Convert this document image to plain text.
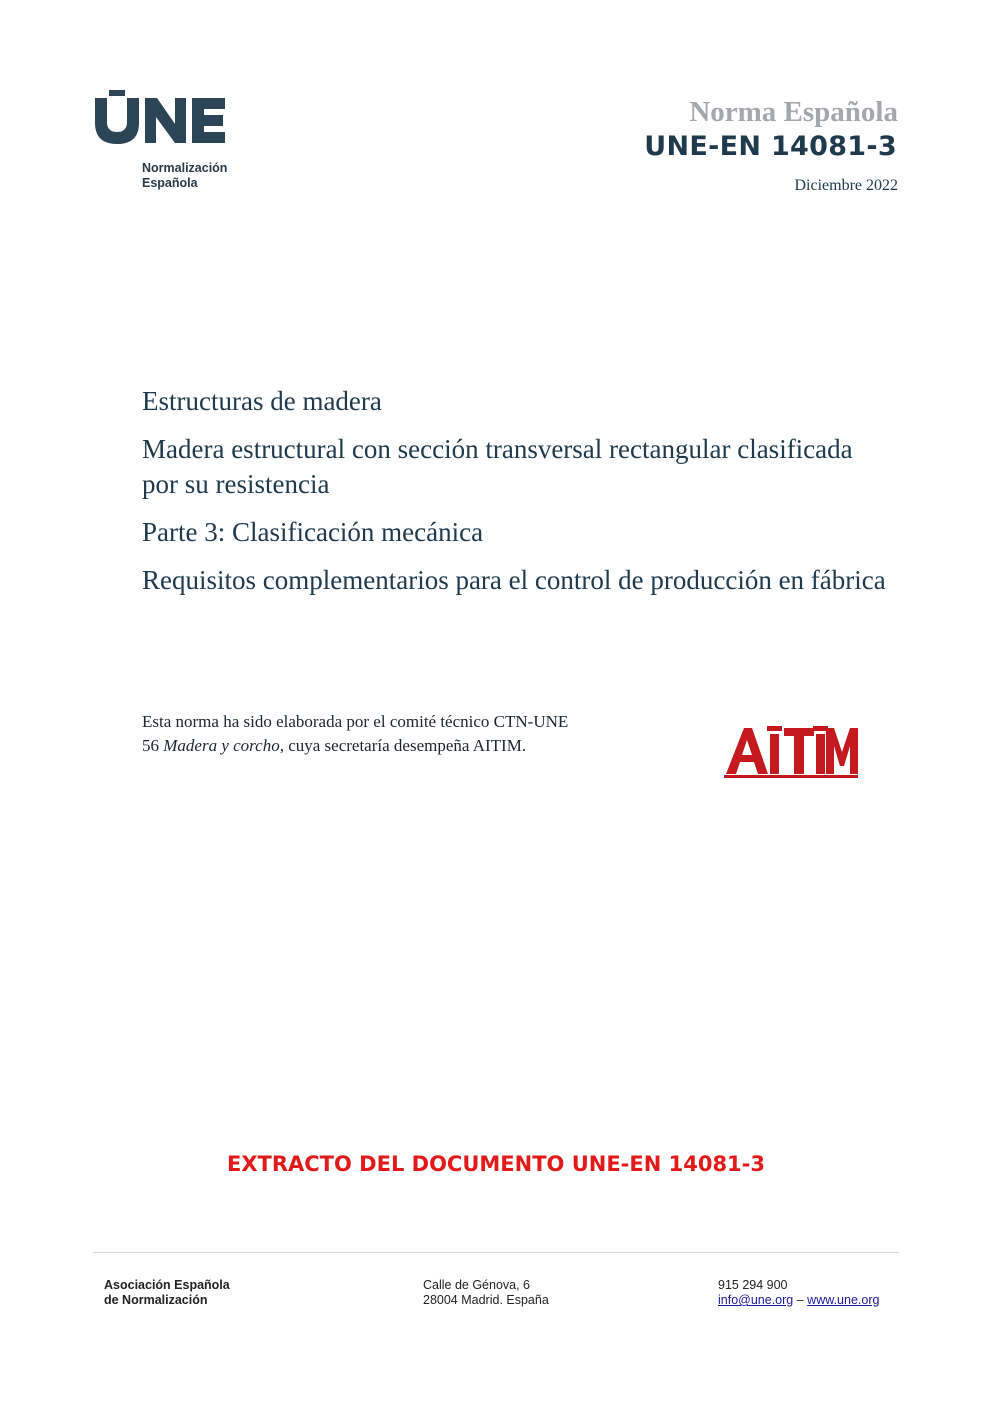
Normalización
Española
Norma Española
UNE-EN 14081-3
Diciembre 2022

Estructuras de madera

Madera estructural con sección transversal rectangular clasificada por su resistencia

Parte 3: Clasificación mecánica

Requisitos complementarios para el control de producción en fábrica

Esta norma ha sido elaborada por el comité técnico CTN-UNE 56 Madera y corcho, cuya secretaría desempeña AITIM.
EXTRACTO DEL DOCUMENTO UNE-EN 14081-3
Asociación Española
de Normalización
Calle de Génova, 6
28004 Madrid. España
915 294 900
info@une.org – www.une.org
